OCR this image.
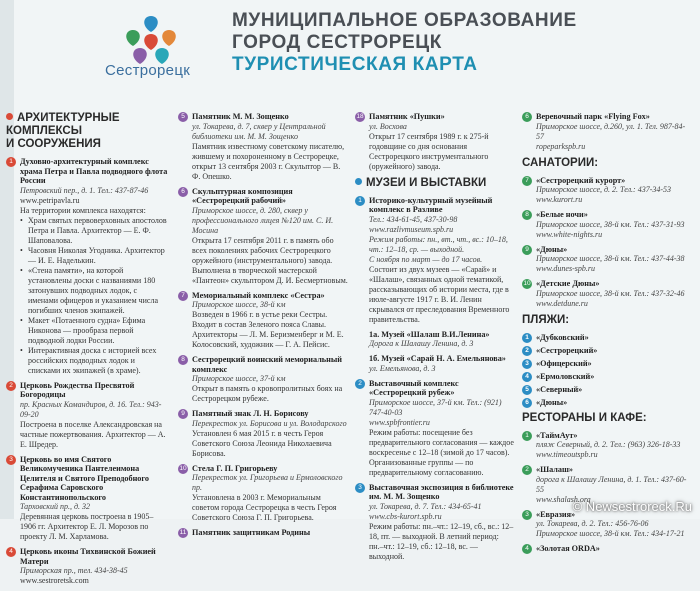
Сестрорецк
МУНИЦИПАЛЬНОЕ ОБРАЗОВАНИЕ
ГОРОД СЕСТРОРЕЦК
ТУРИСТИЧЕСКАЯ КАРТА
АРХИТЕКТУРНЫЕ
КОМПЛЕКСЫ
И СООРУЖЕНИЯ
1 Духовно-архитектурный комплекс храма Петра и Павла подводного флота России
Петровский пер., д. 1. Тел.: 437-87-46
www.petripavla.ru
На территории комплекса находятся:
• Храм святых первоверховных апостолов Петра и Павла. Архитектор — Е. Ф. Шаповалова.
• Часовня Николая Угодника. Архитектор — И. Е. Наделькин.
• «Стена памяти», на которой установлены доски с названиями 180 затонувших подводных лодок, с именами офицеров и указанием числа погибших членов экипажей.
• Макет «Потаенного судна» Ефима Никонова — прообраза первой подводной лодки России.
• Интерактивная доска с историей всех российских подводных лодок и списками их экипажей (в храме).
2 Церковь Рождества Пресвятой Богородицы
пр. Красных Командиров, д. 16. Тел.: 943-09-20
Построена в поселке Александровская на частные пожертвования. Архитектор — А. Е. Шредер.
3 Церковь во имя Святого Великомученика Пантелеимона Целителя и Святого Преподобного Серафима Саровского Константинопольского
Тарховский пр., д. 32
Деревянная церковь построена в 1905–1906 гг. Архитектор Е. Л. Морозов по проекту Л. М. Харламова.
4 Церковь иконы Тихвинской Божией Матери
Приморская пр., тел. 434-38-45
www.sestroretsk.com
5 Памятник М. М. Зощенко
ул. Токарева, д. 7, сквер у Центральной библиотеки им. М. М. Зощенко
Памятник известному советскому писателю, жившему и похороненному в Сестрорецке, открыт 13 сентября 2003 г. Скульптор — В. Ф. Опешко.
6 Скульптурная композиция «Сестрорецкий рабочий»
Приморское шоссе, д. 280, сквер у профессионального лицея №120 им. С. И. Мосина
Открыта 17 сентября 2011 г. в память обо всех поколениях рабочих Сестрорецкого оружейного (инструментального) завода. Выполнена в творческой мастерской «Пантеон» скульптором Д. И. Бесмертновым.
7 Мемориальный комплекс «Сестра»
Приморское шоссе, 38-й км
Возведен в 1966 г. в устье реки Сестры. Входит в состав Зеленого пояса Славы. Архитекторы — Л. М. Беризменберг и М. Е. Колосовский, художник — Г. А. Пейсис.
8 Сестрорецкий воинский мемориальный комплекс
Приморское шоссе, 37-й км
Открыт в память о кровопролитных боях на Сестрорецком рубеже.
9 Памятный знак Л. Н. Борисову
Перекресток ул. Борисова и ул. Володарского
Установлен 6 мая 2015 г. в честь Героя Советского Союза Леонида Николаевича Борисова.
10 Стела Г. П. Григорьеву
Перекресток ул. Григорьева и Ермоловского пр.
Установлена в 2003 г. Мемориальным советом города Сестрорецка в честь Героя Советского Союза Г. П. Григорьева.
11 Памятник защитникам Родины
18 Памятник «Пушки»
ул. Восхова
Открыт 17 сентября 1989 г. к 275-й годовщине со дня основания Сестрорецкого инструментального (оружейного) завода.
МУЗЕИ И ВЫСТАВКИ
1 Историко-культурный музейный комплекс в Разливе
Тел.: 434-61-45, 437-30-98
www.razlivmuseum.spb.ru
Режим работы: пн., вт., чт., вс.: 10–18, чт.: 12–18, ср. — выходной.
С ноября по март — до 17 часов.
Состоит из двух музеев — «Сарай» и «Шалаш», связанных одной тематикой, рассказывающих об истории места, где в июле-августе 1917 г. В. И. Ленин скрывался от преследования Временного правительства.
1a. Музей «Шалаш В.И.Ленина»
Дорога к Шалашу Ленина, д. 3
1б. Музей «Сарай Н. А. Емельянова»
ул. Емельянова, д. 3
2 Выставочный комплекс «Сестрорецкий рубеж»
Приморское шоссе, 37-й км. Тел.: (921) 747-40-03
www.spbfrontier.ru
Режим работы: посещение без предварительного согласования — каждое воскресенье с 12–18 (зимой до 17 часов). Организованные группы — по предварительному согласованию.
3 Выставочная экспозиция в библиотеке им. М. М. Зощенко
ул. Токарева, д. 7. Тел.: 434-65-41
www.cbs-kurort.spb.ru
Режим работы: пн.–чт.: 12–19, сб., вс.: 12–18, пт. — выходной. В летний период: пн.–чт.: 12–19, сб.: 12–18, вс. — выходной.
6 Веревочный парк «Flying Fox»
Приморское шоссе, д.260, ул. 1. Тел. 987-84-57
ropeparkspb.ru
САНАТОРИИ:
7 «Сестрорецкий курорт»
Приморское шоссе, д. 2. Тел.: 437-34-53
www.kurort.ru
8 «Белые ночи»
Приморское шоссе, 38-й км. Тел.: 437-31-93
www.white-nights.ru
9 «Дюны»
Приморское шоссе, 38-й км. Тел.: 437-44-38
www.dunes-spb.ru
10 «Детские Дюны»
Приморское шоссе, 38-й км. Тел.: 437-32-46
www.detdune.ru
ПЛЯЖИ:
1 «Дубковский»
2 «Сестрорецкий»
3 «Офицерский»
4 «Ермоловский»
5 «Северный»
6 «Дюны»
РЕСТОРАНЫ И КАФЕ:
1 «ТаймАут»
пляж Северный, д. 2. Тел.: (963) 326-18-33
www.timeoutspb.ru
2 «Шалаш»
дорога к Шалашу Ленина, д. 1. Тел.: 437-60-55
www.shalash.org
3 «Евразия»
ул. Токарева, д. 2. Тел.: 456-76-06
Приморское шоссе, 38-й км. Тел.: 434-17-21
4 «Золотая ORDA»
© Newsestroreck.Ru
